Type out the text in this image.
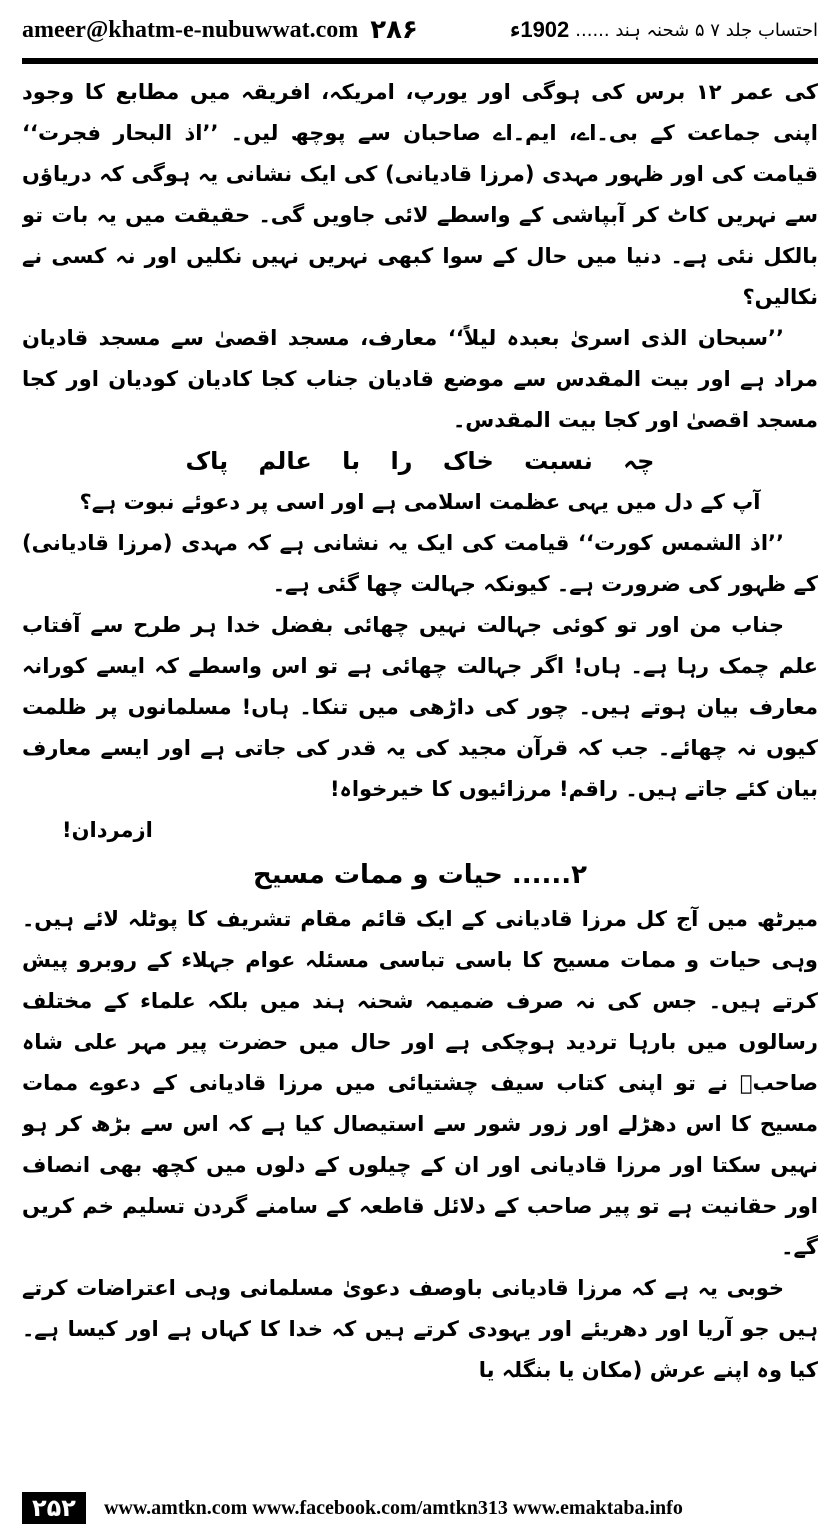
ameer@khatm-e-nubuwwat.com ۲۸۶	احتساب جلد ۷ ۵ شحنہ ہند ......
1902ء

کی عمر ۱۲ برس کی ہوگی اور یورپ، امریکہ، افریقہ میں مطابع کا وجود اپنی جماعت کے بی۔اے، ایم۔اے صاحبان سے پوچھ لیں۔ ’’اذ البحار فجرت‘‘ قیامت کی اور ظہور مہدی (مرزا قادیانی) کی ایک نشانی یہ ہوگی کہ دریاؤں سے نہریں کاٹ کر آبپاشی کے واسطے لائی جاویں گی۔ حقیقت میں یہ بات تو بالکل نئی ہے۔ دنیا میں حال کے سوا کبھی نہریں نہیں نکلیں اور نہ کسی نے نکالیں؟

’’سبحان الذی اسریٰ بعبدہ لیلاً‘‘ معارف، مسجد اقصیٰ سے مسجد قادیان مراد ہے اور بیت المقدس سے موضع قادیان جناب کجا کادیان کودیان اور کجا مسجد اقصیٰ اور کجا بیت المقدس۔

چہ نسبت خاک را با عالم پاک

آپ کے دل میں یہی عظمت اسلامی ہے اور اسی پر دعوئے نبوت ہے؟

’’اذ الشمس کورت‘‘ قیامت کی ایک یہ نشانی ہے کہ مہدی (مرزا قادیانی) کے ظہور کی ضرورت ہے۔ کیونکہ جہالت چھا گئی ہے۔

جناب من اور تو کوئی جہالت نہیں چھائی بفضل خدا ہر طرح سے آفتاب علم چمک رہا ہے۔ ہاں! اگر جہالت چھائی ہے تو اس واسطے کہ ایسے کورانہ معارف بیان ہوتے ہیں۔ چور کی داڑھی میں تنکا۔ ہاں! مسلمانوں پر ظلمت کیوں نہ چھائے۔ جب کہ قرآن مجید کی یہ قدر کی جاتی ہے اور ایسے معارف بیان کئے جاتے ہیں۔ راقم! مرزائیوں کا خیرخواہ!

ازمردان!

۲...... حیات و ممات مسیح

میرٹھ میں آج کل مرزا قادیانی کے ایک قائم مقام تشریف کا پوٹلہ لائے ہیں۔ وہی حیات و ممات مسیح کا باسی تباسی مسئلہ عوام جہلاء کے روبرو پیش کرتے ہیں۔ جس کی نہ صرف ضمیمہ شحنہ ہند میں بلکہ علماء کے مختلف رسالوں میں بارہا تردید ہوچکی ہے اور حال میں حضرت پیر مہر علی شاہ صاحبؒ نے تو اپنی کتاب سیف چشتیائی میں مرزا قادیانی کے دعوے ممات مسیح کا اس دھڑلے اور زور شور سے استیصال کیا ہے کہ اس سے بڑھ کر ہو نہیں سکتا اور مرزا قادیانی اور ان کے چیلوں کے دلوں میں کچھ بھی انصاف اور حقانیت ہے تو پیر صاحب کے دلائل قاطعہ کے سامنے گردن تسلیم خم کریں گے۔

خوبی یہ ہے کہ مرزا قادیانی باوصف دعویٰ مسلمانی وہی اعتراضات کرتے ہیں جو آریا اور دھریئے اور یہودی کرتے ہیں کہ خدا کا کہاں ہے اور کیسا ہے۔ کیا وہ اپنے عرش (مکان یا بنگلہ یا

۲۵۲	www.amtkn.com www.facebook.com/amtkn313 www.emaktaba.info
